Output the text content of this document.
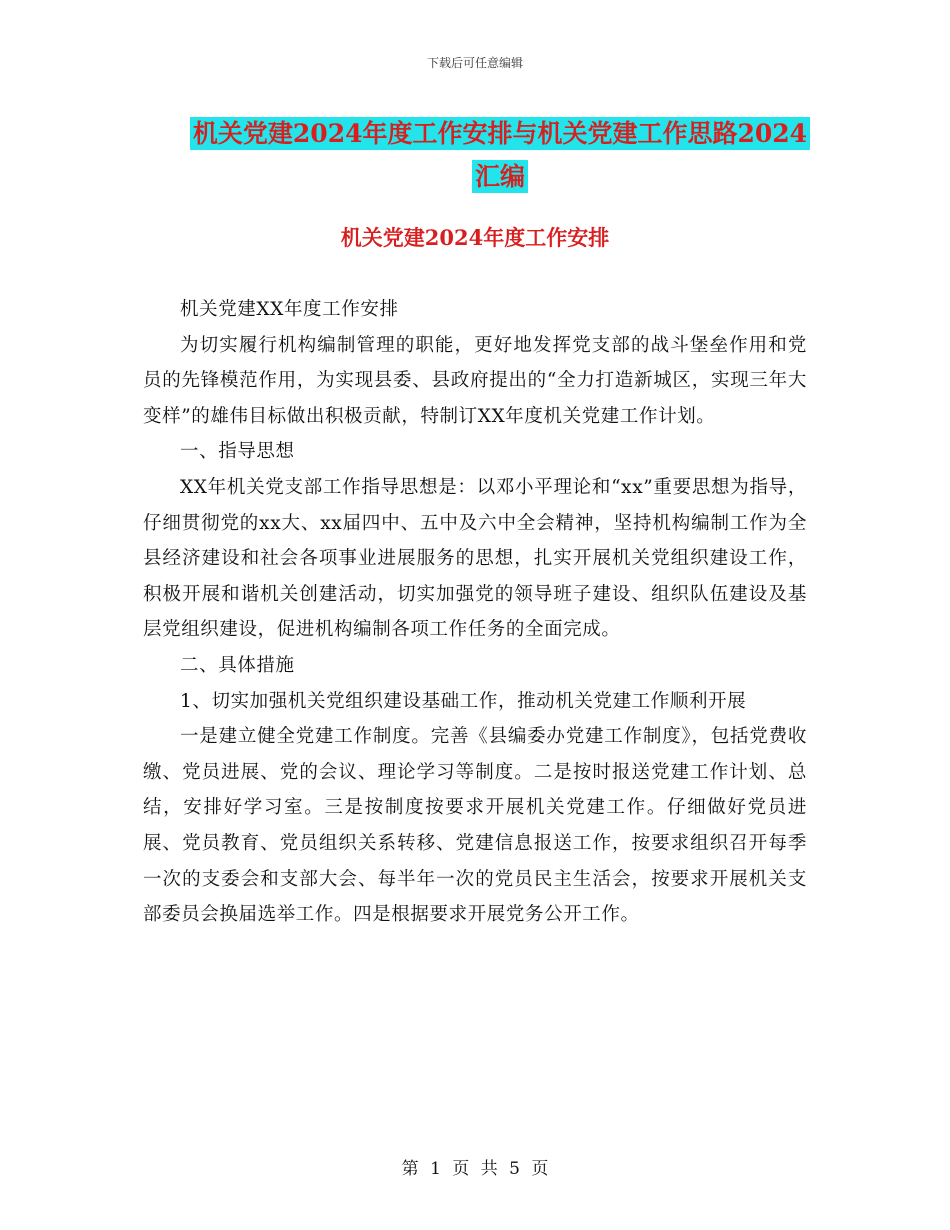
下载后可任意编辑
机关党建2024年度工作安排与机关党建工作思路2024汇编
机关党建2024年度工作安排

机关党建XX年度工作安排

为切实履行机构编制管理的职能，更好地发挥党支部的战斗堡垒作用和党员的先锋模范作用，为实现县委、县政府提出的“全力打造新城区，实现三年大变样”的雄伟目标做出积极贡献，特制订XX年度机关党建工作计划。

一、指导思想

XX年机关党支部工作指导思想是：以邓小平理论和“xx”重要思想为指导，仔细贯彻党的xx大、xx届四中、五中及六中全会精神，坚持机构编制工作为全县经济建设和社会各项事业进展服务的思想，扎实开展机关党组织建设工作，积极开展和谐机关创建活动，切实加强党的领导班子建设、组织队伍建设及基层党组织建设，促进机构编制各项工作任务的全面完成。

二、具体措施

1、切实加强机关党组织建设基础工作，推动机关党建工作顺利开展

一是建立健全党建工作制度。完善《县编委办党建工作制度》，包括党费收缴、党员进展、党的会议、理论学习等制度。二是按时报送党建工作计划、总结，安排好学习室。三是按制度按要求开展机关党建工作。仔细做好党员进展、党员教育、党员组织关系转移、党建信息报送工作，按要求组织召开每季一次的支委会和支部大会、每半年一次的党员民主生活会，按要求开展机关支部委员会换届选举工作。四是根据要求开展党务公开工作。

第 1 页 共 5 页
